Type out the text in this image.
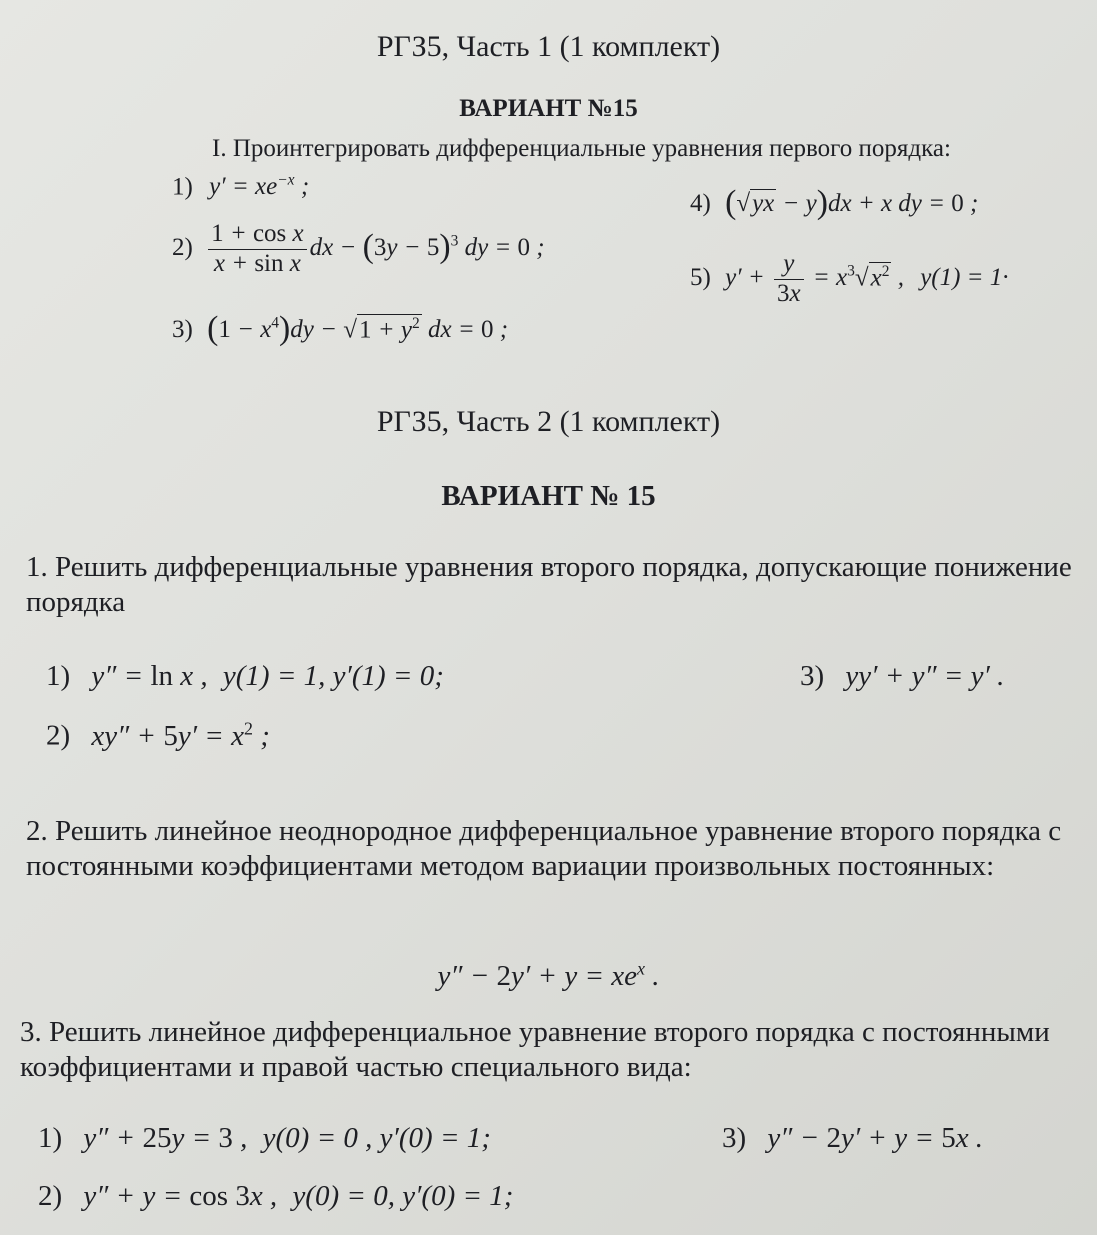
РГЗ5, Часть 1 (1 комплект)
ВАРИАНТ №15
I. Проинтегрировать дифференциальные уравнения первого порядка:
1) $y' = xe^{-x}$ ;
$2) \frac{\text{1 + cos x}}{\text{x + sin x}}$ dx − $(3y - 5)^3$ dy = 0 ;
3) $(1 - x^4)dy - √1 + y^2$ dx = 0 ;
4) (√yx − y)dx + x dy = 0 ;
5) $y' + \frac{y}{3x} = x^3√x^2$ , y(1) = 1·
РГЗ5, Часть 2 (1 комплект)
ВАРИАНТ № 15
1. Решить дифференциальные уравнения второго порядка, допускающие понижение порядка
1) y″ = ln x , y(1) = 1, y′(1) = 0;
2) $xy'' + 5y' = x^2$ ;
3) yy′ + y″ = y′ .
2. Решить линейное неоднородное дифференциальное уравнение второго порядка с постоянными коэффициентами методом вариации произвольных постоянных:
$y'' - 2y' + y = xe^x$ .
3. Решить линейное дифференциальное уравнение второго порядка с постоянными коэффициентами и правой частью специального вида:
1) y″ + 25y = 3 , y(0) = 0 , y′(0) = 1;
2) y″ + y = cos 3x , y(0) = 0, y′(0) = 1;
3) y″ − 2y′ + y = 5x .
